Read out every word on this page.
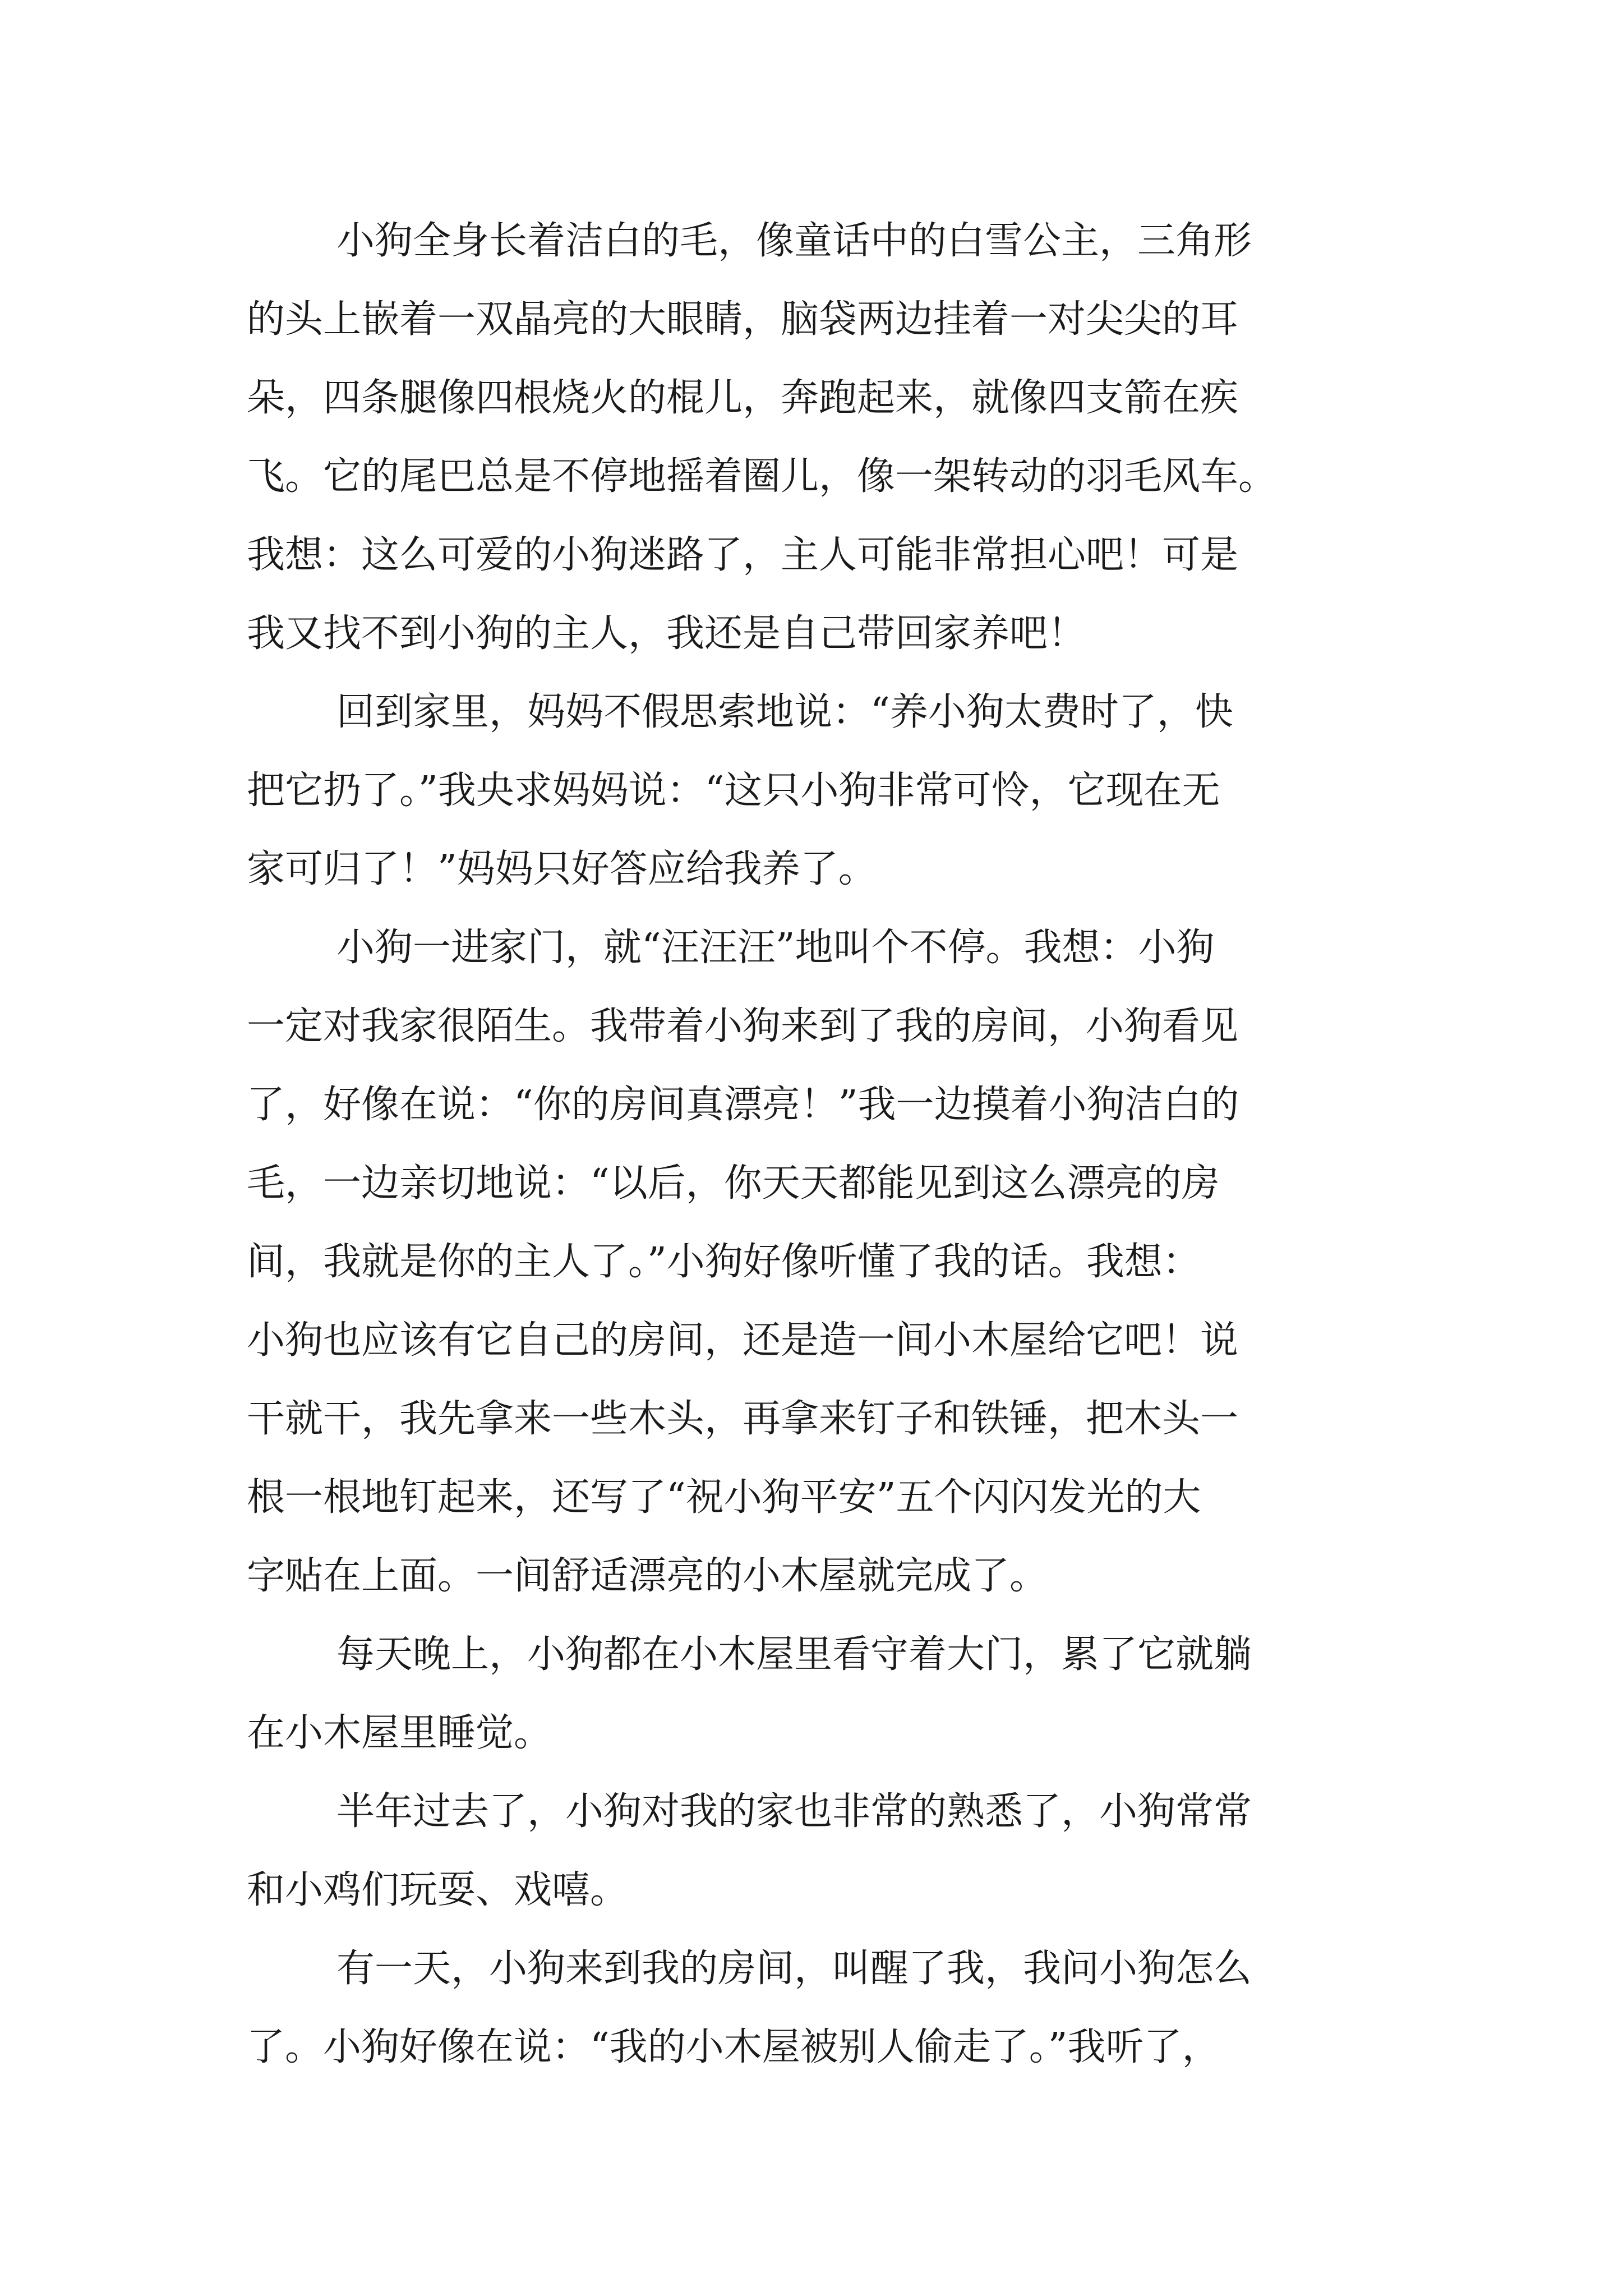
小狗全身长着洁白的毛，像童话中的白雪公主，三角形
的头上嵌着一双晶亮的大眼睛，脑袋两边挂着一对尖尖的耳
朵，四条腿像四根烧火的棍儿，奔跑起来，就像四支箭在疾
飞。它的尾巴总是不停地摇着圈儿，像一架转动的羽毛风车。
我想：这么可爱的小狗迷路了，主人可能非常担心吧！可是
我又找不到小狗的主人，我还是自己带回家养吧！
回到家里，妈妈不假思索地说：“养小狗太费时了，快
把它扔了。”我央求妈妈说：“这只小狗非常可怜，它现在无
家可归了！”妈妈只好答应给我养了。
小狗一进家门，就“汪汪汪”地叫个不停。我想：小狗
一定对我家很陌生。我带着小狗来到了我的房间，小狗看见
了，好像在说：“你的房间真漂亮！”我一边摸着小狗洁白的
毛，一边亲切地说：“以后，你天天都能见到这么漂亮的房
间，我就是你的主人了。”小狗好像听懂了我的话。我想：
小狗也应该有它自己的房间，还是造一间小木屋给它吧！说
干就干，我先拿来一些木头，再拿来钉子和铁锤，把木头一
根一根地钉起来，还写了“祝小狗平安”五个闪闪发光的大
字贴在上面。一间舒适漂亮的小木屋就完成了。
每天晚上，小狗都在小木屋里看守着大门，累了它就躺
在小木屋里睡觉。
半年过去了，小狗对我的家也非常的熟悉了，小狗常常
和小鸡们玩耍、戏嘻。
有一天，小狗来到我的房间，叫醒了我，我问小狗怎么
了。小狗好像在说：“我的小木屋被别人偷走了。”我听了，
